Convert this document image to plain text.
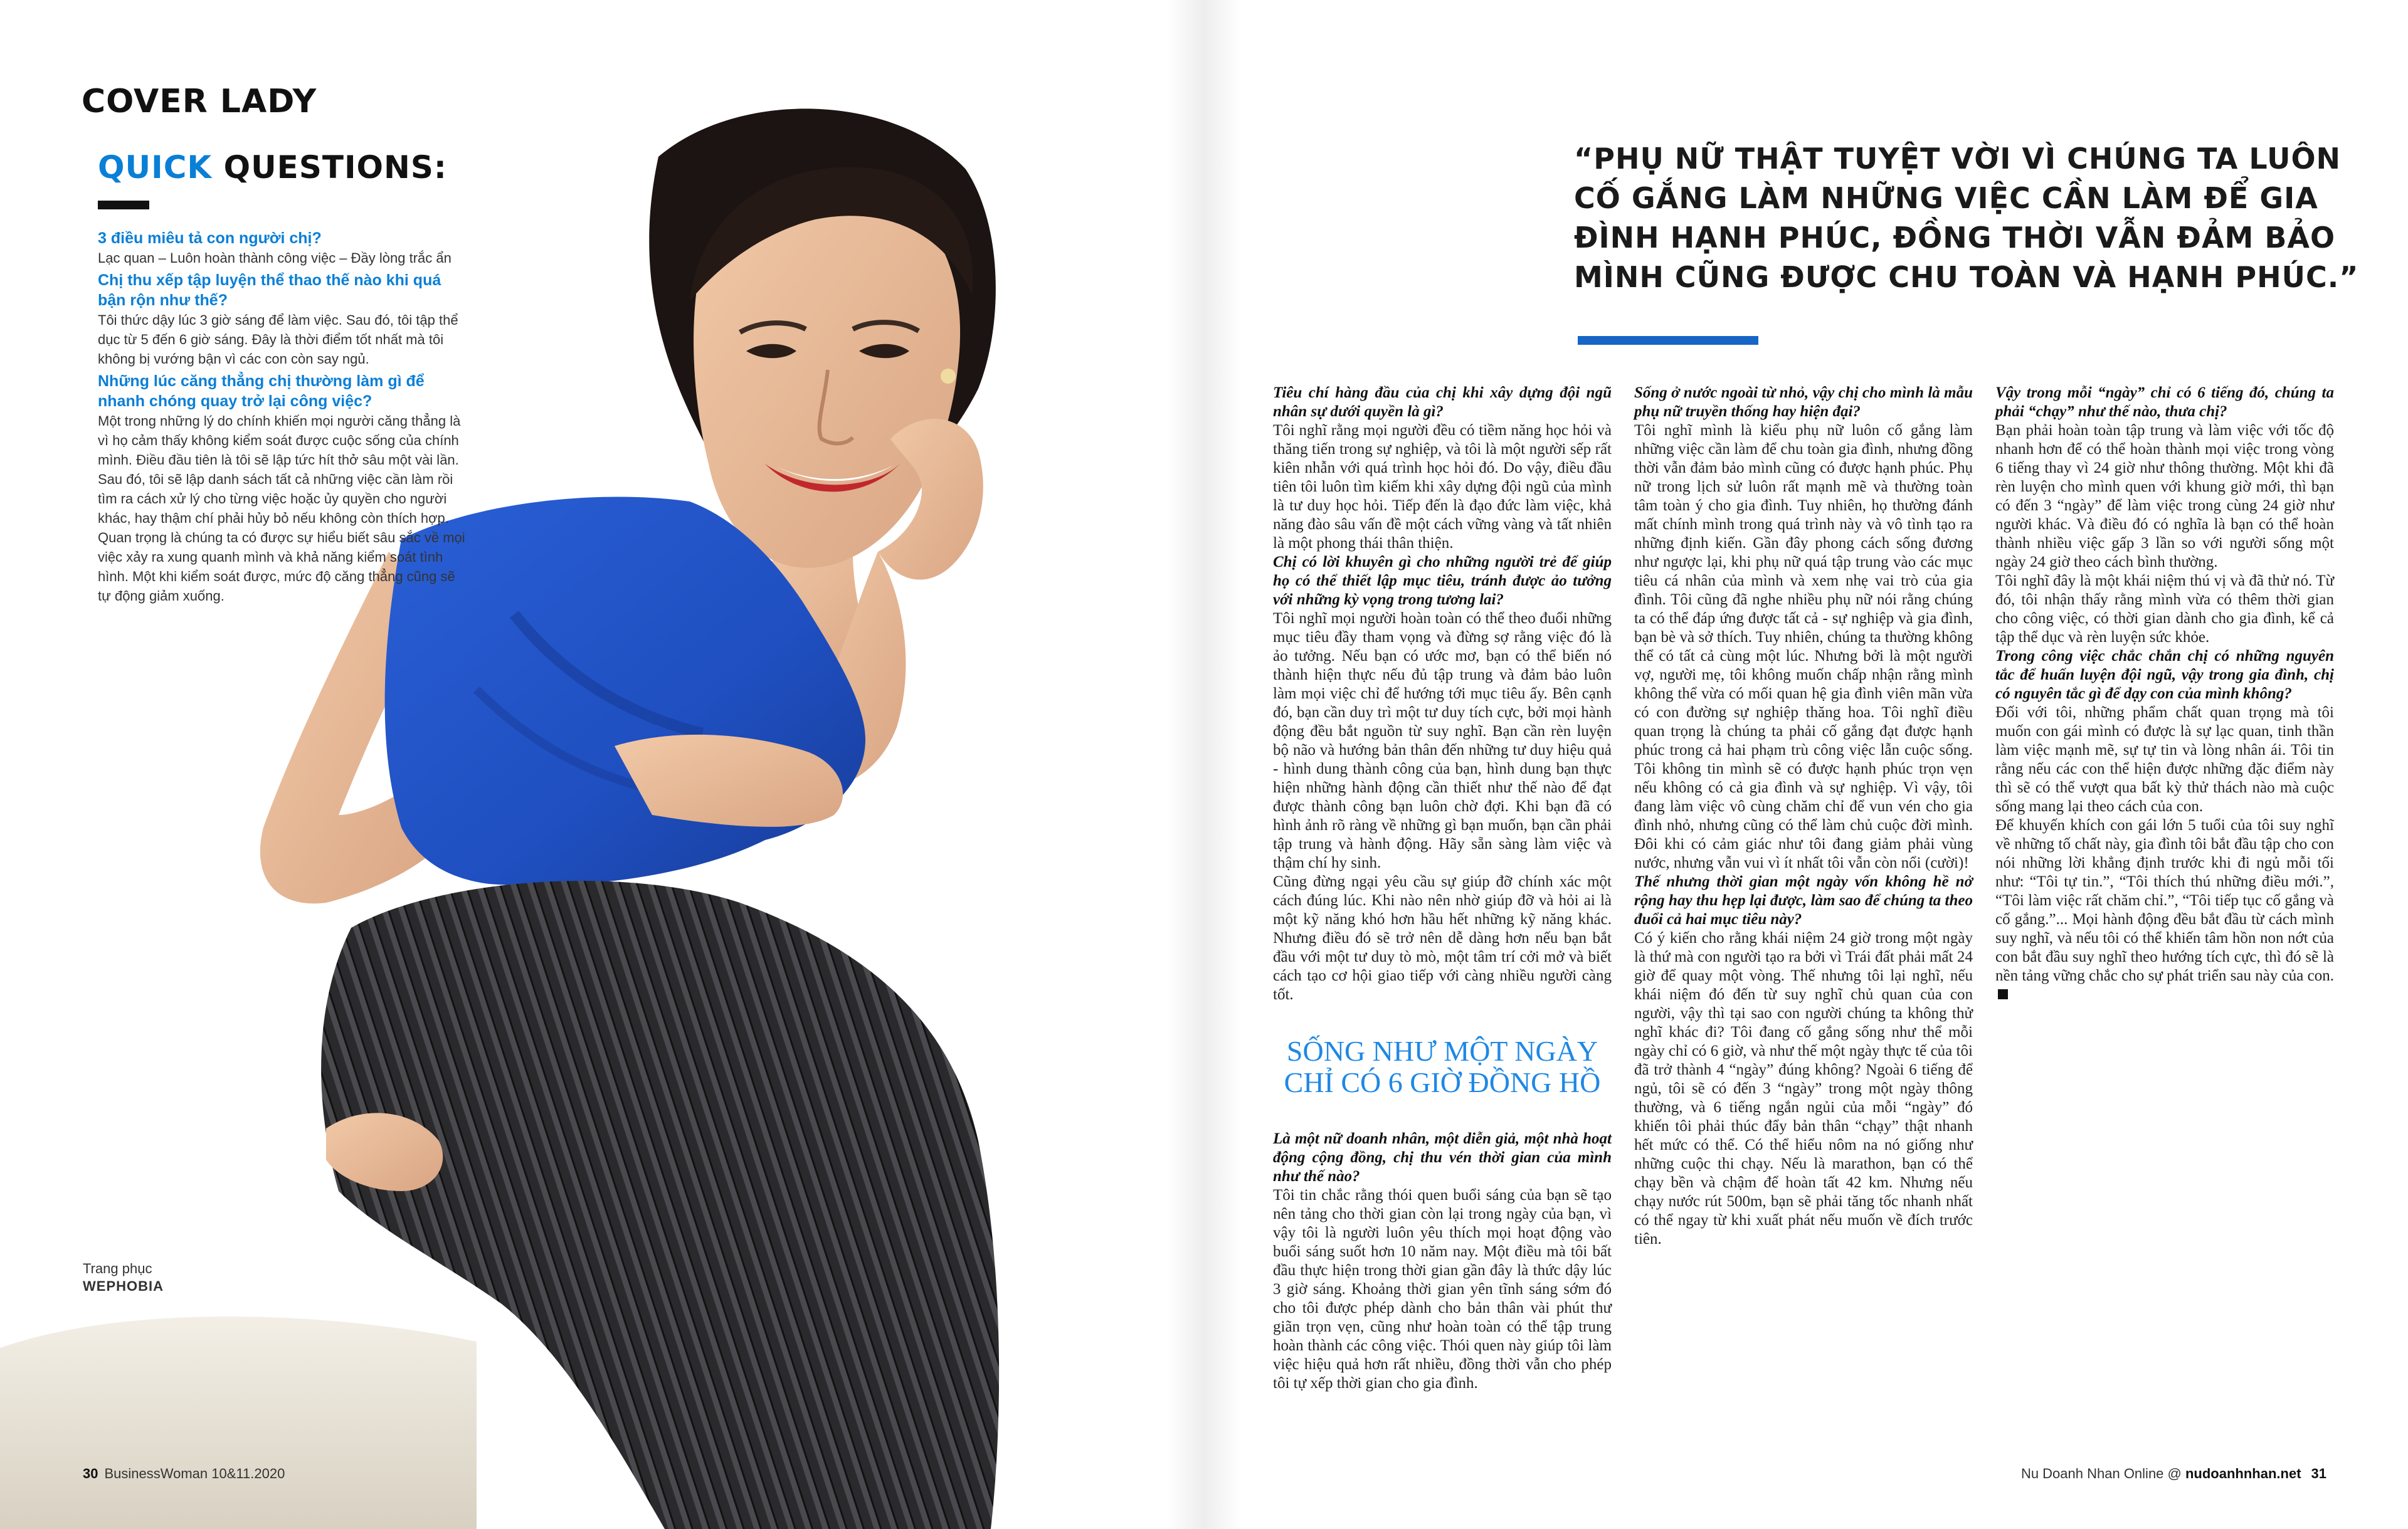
COVER LADY
QUICK QUESTIONS:
3 điều miêu tả con người chị?
Lạc quan – Luôn hoàn thành công việc – Đầy lòng trắc ẩn
Chị thu xếp tập luyện thể thao thế nào khi quá bận rộn như thế?
Tôi thức dậy lúc 3 giờ sáng để làm việc. Sau đó, tôi tập thể dục từ 5 đến 6 giờ sáng. Đây là thời điểm tốt nhất mà tôi không bị vướng bận vì các con còn say ngủ.
Những lúc căng thẳng chị thường làm gì để nhanh chóng quay trở lại công việc?
Một trong những lý do chính khiến mọi người căng thẳng là vì họ cảm thấy không kiểm soát được cuộc sống của chính mình. Điều đầu tiên là tôi sẽ lập tức hít thở sâu một vài lần. Sau đó, tôi sẽ lập danh sách tất cả những việc cần làm rồi tìm ra cách xử lý cho từng việc hoặc ủy quyền cho người khác, hay thậm chí phải hủy bỏ nếu không còn thích hợp. Quan trọng là chúng ta có được sự hiểu biết sâu sắc về mọi việc xảy ra xung quanh mình và khả năng kiểm soát tình hình. Một khi kiểm soát được, mức độ căng thẳng cũng sẽ tự động giảm xuống.
Trang phục
WEPHOBIA
30 BusinessWoman 10&11.2020
“PHỤ NỮ THẬT TUYỆT VỜI VÌ CHÚNG TA LUÔN CỐ GẮNG LÀM NHỮNG VIỆC CẦN LÀM ĐỂ GIA ĐÌNH HẠNH PHÚC, ĐỒNG THỜI VẪN ĐẢM BẢO MÌNH CŨNG ĐƯỢC CHU TOÀN VÀ HẠNH PHÚC.”

Tiêu chí hàng đầu của chị khi xây dựng đội ngũ nhân sự dưới quyền là gì?

Tôi nghĩ rằng mọi người đều có tiềm năng học hỏi và thăng tiến trong sự nghiệp, và tôi là một người sếp rất kiên nhẫn với quá trình học hỏi đó. Do vậy, điều đầu tiên tôi luôn tìm kiếm khi xây dựng đội ngũ của mình là tư duy học hỏi. Tiếp đến là đạo đức làm việc, khả năng đào sâu vấn đề một cách vững vàng và tất nhiên là một phong thái thân thiện.

Chị có lời khuyên gì cho những người trẻ để giúp họ có thể thiết lập mục tiêu, tránh được ảo tưởng với những kỳ vọng trong tương lai?

Tôi nghĩ mọi người hoàn toàn có thể theo đuổi những mục tiêu đầy tham vọng và đừng sợ rằng việc đó là ảo tưởng. Nếu bạn có ước mơ, bạn có thể biến nó thành hiện thực nếu đủ tập trung và đảm bảo luôn làm mọi việc chỉ để hướng tới mục tiêu ấy. Bên cạnh đó, bạn cần duy trì một tư duy tích cực, bởi mọi hành động đều bắt nguồn từ suy nghĩ. Bạn cần rèn luyện bộ não và hướng bản thân đến những tư duy hiệu quả - hình dung thành công của bạn, hình dung bạn thực hiện những hành động cần thiết như thế nào để đạt được thành công bạn luôn chờ đợi. Khi bạn đã có hình ảnh rõ ràng về những gì bạn muốn, bạn cần phải tập trung và hành động. Hãy sẵn sàng làm việc và thậm chí hy sinh.

Cũng đừng ngại yêu cầu sự giúp đỡ chính xác một cách đúng lúc. Khi nào nên nhờ giúp đỡ và hỏi ai là một kỹ năng khó hơn hầu hết những kỹ năng khác. Nhưng điều đó sẽ trở nên dễ dàng hơn nếu bạn bắt đầu với một tư duy tò mò, một tâm trí cởi mở và biết cách tạo cơ hội giao tiếp với càng nhiều người càng tốt.

SỐNG NHƯ MỘT NGÀY CHỈ CÓ 6 GIỜ ĐỒNG HỒ

Là một nữ doanh nhân, một diễn giả, một nhà hoạt động cộng đồng, chị thu vén thời gian của mình như thế nào?

Tôi tin chắc rằng thói quen buổi sáng của bạn sẽ tạo nên tảng cho thời gian còn lại trong ngày của bạn, vì vậy tôi là người luôn yêu thích mọi hoạt động vào buổi sáng suốt hơn 10 năm nay. Một điều mà tôi bất đầu thực hiện trong thời gian gần đây là thức dậy lúc 3 giờ sáng. Khoảng thời gian yên tĩnh sáng sớm đó cho tôi được phép dành cho bản thân vài phút thư giãn trọn vẹn, cũng như hoàn toàn có thể tập trung hoàn thành các công việc. Thói quen này giúp tôi làm việc hiệu quả hơn rất nhiều, đồng thời vẫn cho phép tôi tự xếp thời gian cho gia đình.

Sống ở nước ngoài từ nhỏ, vậy chị cho mình là mẫu phụ nữ truyền thống hay hiện đại?

Tôi nghĩ mình là kiểu phụ nữ luôn cố gắng làm những việc cần làm để chu toàn gia đình, nhưng đồng thời vẫn đảm bảo mình cũng có được hạnh phúc. Phụ nữ trong lịch sử luôn rất mạnh mẽ và thường toàn tâm toàn ý cho gia đình. Tuy nhiên, họ thường đánh mất chính mình trong quá trình này và vô tình tạo ra những định kiến. Gần đây phong cách sống đương như ngược lại, khi phụ nữ quá tập trung vào các mục tiêu cá nhân của mình và xem nhẹ vai trò của gia đình. Tôi cũng đã nghe nhiều phụ nữ nói rằng chúng ta có thể đáp ứng được tất cả - sự nghiệp và gia đình, bạn bè và sở thích. Tuy nhiên, chúng ta thường không thể có tất cả cùng một lúc. Nhưng bởi là một người vợ, người mẹ, tôi không muốn chấp nhận rằng mình không thể vừa có mối quan hệ gia đình viên mãn vừa có con đường sự nghiệp thăng hoa. Tôi nghĩ điều quan trọng là chúng ta phải cố gắng đạt được hạnh phúc trong cả hai phạm trù công việc lẫn cuộc sống. Tôi không tin mình sẽ có được hạnh phúc trọn vẹn nếu không có cả gia đình và sự nghiệp. Vì vậy, tôi đang làm việc vô cùng chăm chỉ để vun vén cho gia đình nhỏ, nhưng cũng có thể làm chủ cuộc đời mình. Đôi khi có cảm giác như tôi đang giảm phải vùng nước, nhưng vẫn vui vì ít nhất tôi vẫn còn nổi (cười)!

Thế nhưng thời gian một ngày vốn không hề nở rộng hay thu hẹp lại được, làm sao để chúng ta theo đuổi cả hai mục tiêu này?

Có ý kiến cho rằng khái niệm 24 giờ trong một ngày là thứ mà con người tạo ra bởi vì Trái đất phải mất 24 giờ để quay một vòng. Thế nhưng tôi lại nghĩ, nếu khái niệm đó đến từ suy nghĩ chủ quan của con người, vậy thì tại sao con người chúng ta không thử nghĩ khác đi? Tôi đang cố gắng sống như thể mỗi ngày chỉ có 6 giờ, và như thế một ngày thực tế của tôi đã trở thành 4 “ngày” đúng không? Ngoài 6 tiếng để ngủ, tôi sẽ có đến 3 “ngày” trong một ngày thông thường, và 6 tiếng ngắn ngủi của mỗi “ngày” đó khiến tôi phải thúc đẩy bản thân “chạy” thật nhanh hết mức có thể. Có thể hiểu nôm na nó giống như những cuộc thi chạy. Nếu là marathon, bạn có thể chạy bền và chậm để hoàn tất 42 km. Nhưng nếu chạy nước rút 500m, bạn sẽ phải tăng tốc nhanh nhất có thể ngay từ khi xuất phát nếu muốn về đích trước tiên.

Vậy trong mỗi “ngày” chỉ có 6 tiếng đó, chúng ta phải “chạy” như thế nào, thưa chị?

Bạn phải hoàn toàn tập trung và làm việc với tốc độ nhanh hơn để có thể hoàn thành mọi việc trong vòng 6 tiếng thay vì 24 giờ như thông thường. Một khi đã rèn luyện cho mình quen với khung giờ mới, thì bạn có đến 3 “ngày” để làm việc trong cùng 24 giờ như người khác. Và điều đó có nghĩa là bạn có thể hoàn thành nhiều việc gấp 3 lần so với người sống một ngày 24 giờ theo cách bình thường.

Tôi nghĩ đây là một khái niệm thú vị và đã thử nó. Từ đó, tôi nhận thấy rằng mình vừa có thêm thời gian cho công việc, có thời gian dành cho gia đình, kể cả tập thể dục và rèn luyện sức khỏe.

Trong công việc chắc chắn chị có những nguyên tắc để huấn luyện đội ngũ, vậy trong gia đình, chị có nguyên tắc gì để dạy con của mình không?

Đối với tôi, những phẩm chất quan trọng mà tôi muốn con gái mình có được là sự lạc quan, tinh thần làm việc mạnh mẽ, sự tự tin và lòng nhân ái. Tôi tin rằng nếu các con thể hiện được những đặc điểm này thì sẽ có thể vượt qua bất kỳ thử thách nào mà cuộc sống mang lại theo cách của con.

Để khuyến khích con gái lớn 5 tuổi của tôi suy nghĩ về những tố chất này, gia đình tôi bắt đầu tập cho con nói những lời khẳng định trước khi đi ngủ mỗi tối như: “Tôi tự tin.”, “Tôi thích thú những điều mới.”, “Tôi làm việc rất chăm chỉ.”, “Tôi tiếp tục cố gắng và cố gắng.”... Mọi hành động đều bắt đầu từ cách mình suy nghĩ, và nếu tôi có thể khiến tâm hồn non nớt của con bắt đầu suy nghĩ theo hướng tích cực, thì đó sẽ là nền tảng vững chắc cho sự phát triển sau này của con.

Nu Doanh Nhan Online @ nudoanhnhan.net 31
